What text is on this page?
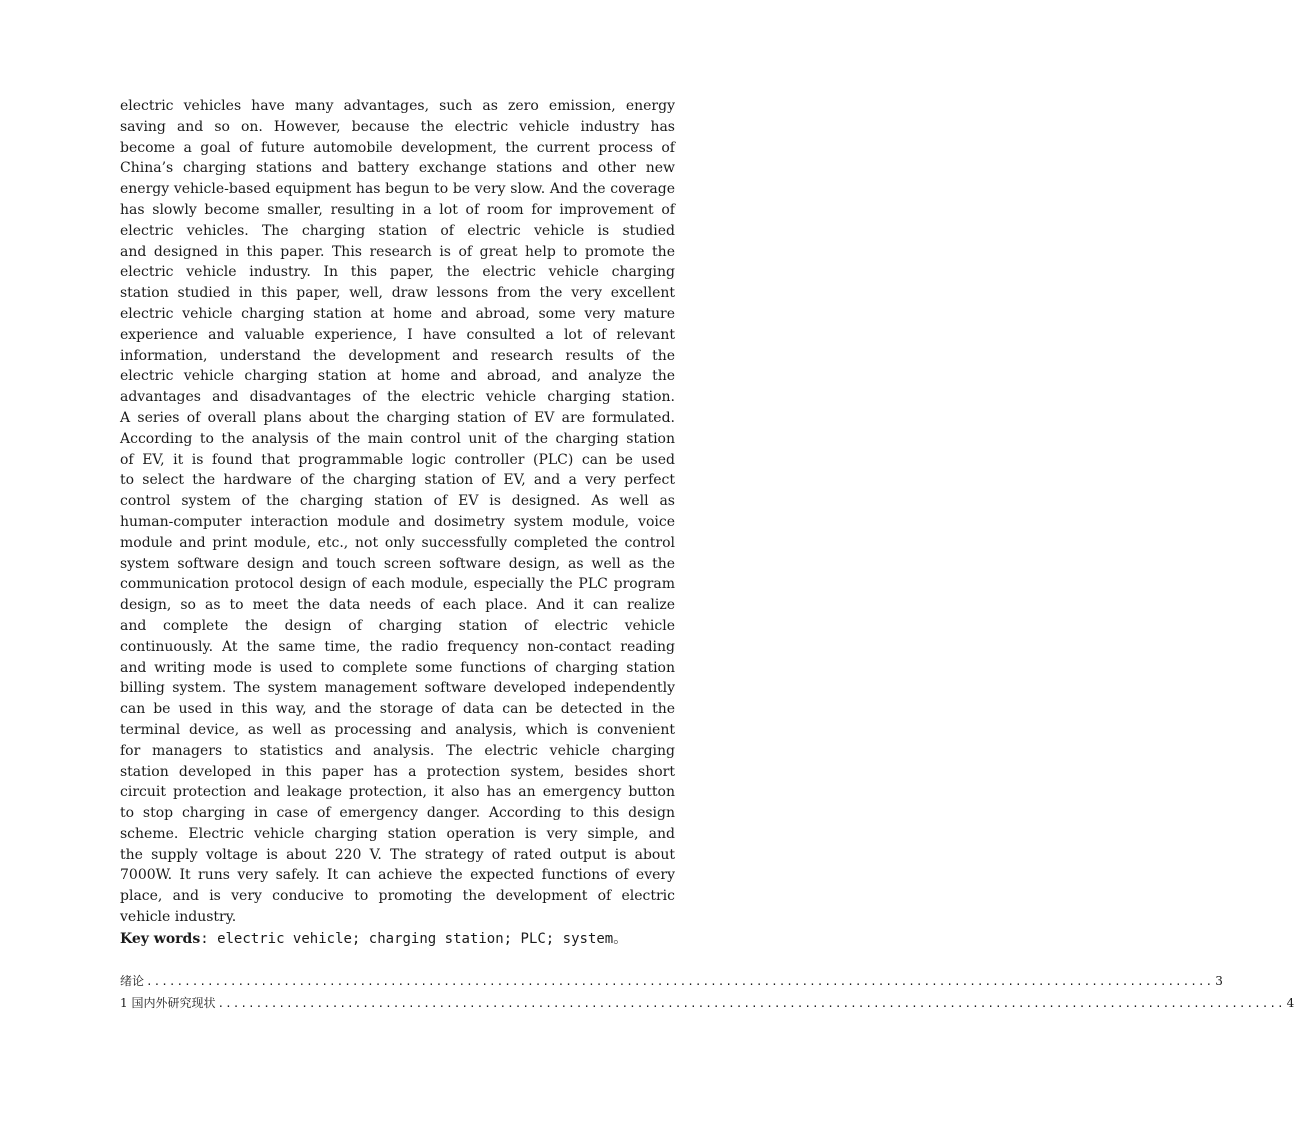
electric vehicles have many advantages, such as zero emission, energy
saving and so on. However, because the electric vehicle industry has
become a goal of future automobile development, the current process of
China’s charging stations and battery exchange stations and other new
energy vehicle-based equipment has begun to be very slow. And the coverage
has slowly become smaller, resulting in a lot of room for improvement of
electric vehicles. The charging station of electric vehicle is studied
and designed in this paper. This research is of great help to promote the
electric vehicle industry. In this paper, the electric vehicle charging
station studied in this paper, well, draw lessons from the very excellent
electric vehicle charging station at home and abroad, some very mature
experience and valuable experience, I have consulted a lot of relevant
information, understand the development and research results of the
electric vehicle charging station at home and abroad, and analyze the
advantages and disadvantages of the electric vehicle charging station.
A series of overall plans about the charging station of EV are formulated.
According to the analysis of the main control unit of the charging station
of EV, it is found that programmable logic controller (PLC) can be used
to select the hardware of the charging station of EV, and a very perfect
control system of the charging station of EV is designed. As well as
human-computer interaction module and dosimetry system module, voice
module and print module, etc., not only successfully completed the control
system software design and touch screen software design, as well as the
communication protocol design of each module, especially the PLC program
design, so as to meet the data needs of each place. And it can realize
and complete the design of charging station of electric vehicle
continuously. At the same time, the radio frequency non-contact reading
and writing mode is used to complete some functions of charging station
billing system. The system management software developed independently
can be used in this way, and the storage of data can be detected in the
terminal device, as well as processing and analysis, which is convenient
for managers to statistics and analysis. The electric vehicle charging
station developed in this paper has a protection system, besides short
circuit protection and leakage protection, it also has an emergency button
to stop charging in case of emergency danger. According to this design
scheme. Electric vehicle charging station operation is very simple, and
the supply voltage is about 220 V. The strategy of rated output is about
7000W. It runs very safely. It can achieve the expected functions of every
place, and is very conducive to promoting the development of electric
vehicle industry.
Key words: electric vehicle; charging station; PLC; system。
绪论 ............................................................................................................................................ 3
1 国内外研究现状 ............................................................................................................................................ 4
